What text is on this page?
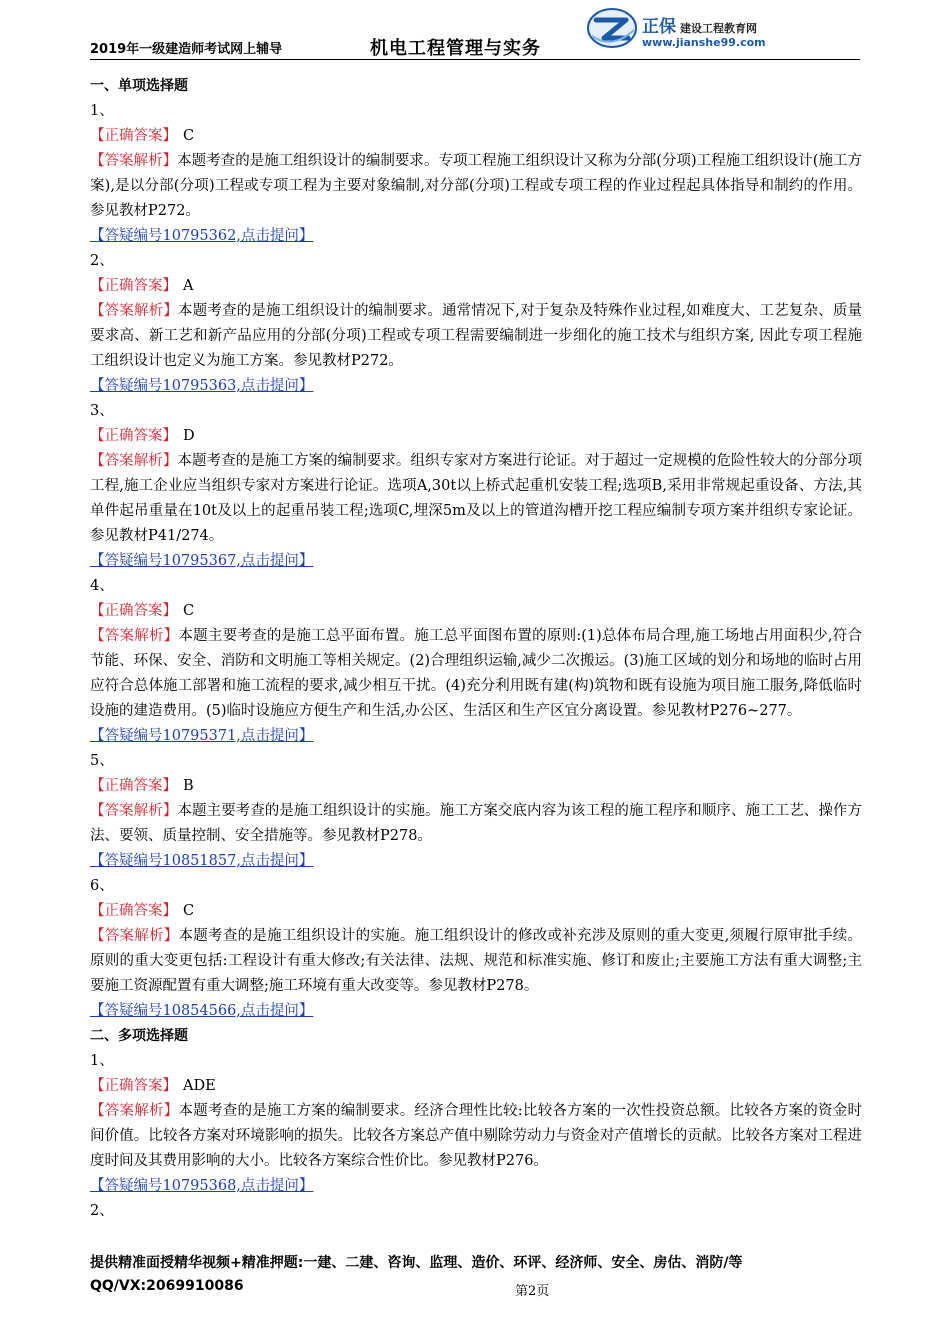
2019年一级建造师考试网上辅导	机电工程管理与实务
正保 建设工程教育网
www.jianshe99.com
一、单项选择题
1、
【正确答案】 C
【答案解析】本题考查的是施工组织设计的编制要求。专项工程施工组织设计又称为分部(分项)工程施工组织设计(施工方案),是以分部(分项)工程或专项工程为主要对象编制,对分部(分项)工程或专项工程的作业过程起具体指导和制约的作用。参见教材P272。
【答疑编号10795362,点击提问】
2、
【正确答案】 A
【答案解析】本题考查的是施工组织设计的编制要求。通常情况下,对于复杂及特殊作业过程,如难度大、工艺复杂、质量要求高、新工艺和新产品应用的分部(分项)工程或专项工程需要编制进一步细化的施工技术与组织方案, 因此专项工程施工组织设计也定义为施工方案。参见教材P272。
【答疑编号10795363,点击提问】
3、
【正确答案】 D
【答案解析】本题考查的是施工方案的编制要求。组织专家对方案进行论证。对于超过一定规模的危险性较大的分部分项工程,施工企业应当组织专家对方案进行论证。选项A,30t以上桥式起重机安装工程;选项B,采用非常规起重设备、方法,其单件起吊重量在10t及以上的起重吊装工程;选项C,埋深5m及以上的管道沟槽开挖工程应编制专项方案并组织专家论证。参见教材P41/274。
【答疑编号10795367,点击提问】
4、
【正确答案】 C
【答案解析】本题主要考查的是施工总平面布置。施工总平面图布置的原则:(1)总体布局合理,施工场地占用面积少,符合节能、环保、安全、消防和文明施工等相关规定。(2)合理组织运输,减少二次搬运。(3)施工区域的划分和场地的临时占用应符合总体施工部署和施工流程的要求,减少相互干扰。(4)充分利用既有建(构)筑物和既有设施为项目施工服务,降低临时设施的建造费用。(5)临时设施应方便生产和生活,办公区、生活区和生产区宜分离设置。参见教材P276~277。
【答疑编号10795371,点击提问】
5、
【正确答案】 B
【答案解析】本题主要考查的是施工组织设计的实施。施工方案交底内容为该工程的施工程序和顺序、施工工艺、操作方法、要领、质量控制、安全措施等。参见教材P278。
【答疑编号10851857,点击提问】
6、
【正确答案】 C
【答案解析】本题考查的是施工组织设计的实施。施工组织设计的修改或补充涉及原则的重大变更,须履行原审批手续。原则的重大变更包括:工程设计有重大修改;有关法律、法规、规范和标准实施、修订和废止;主要施工方法有重大调整;主要施工资源配置有重大调整;施工环境有重大改变等。参见教材P278。
【答疑编号10854566,点击提问】
二、多项选择题
1、
【正确答案】 ADE
【答案解析】本题考查的是施工方案的编制要求。经济合理性比较:比较各方案的一次性投资总额。比较各方案的资金时间价值。比较各方案对环境影响的损失。比较各方案总产值中剔除劳动力与资金对产值增长的贡献。比较各方案对工程进度时间及其费用影响的大小。比较各方案综合性价比。参见教材P276。
【答疑编号10795368,点击提问】
2、
提供精准面授精华视频+精准押题:一建、二建、咨询、监理、造价、环评、经济师、安全、房估、消防/等
QQ/VX:2069910086	第2页
